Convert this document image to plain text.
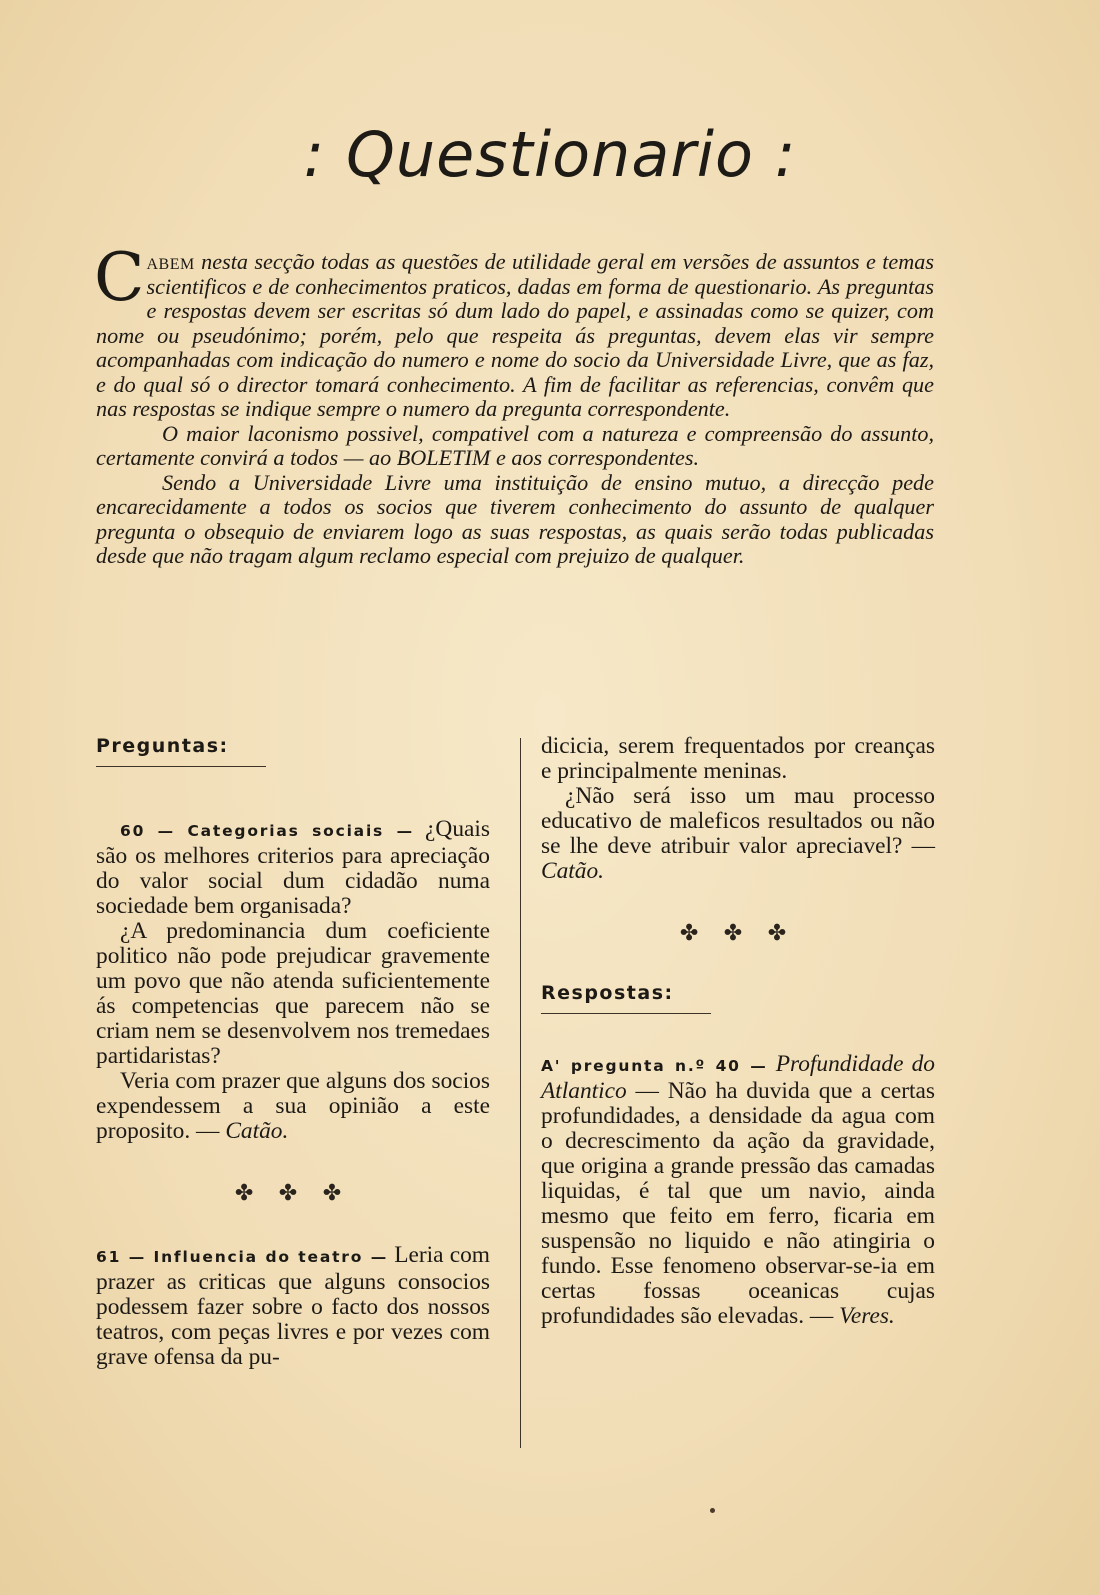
: Questionario :

Cabem nesta secção todas as questões de utilidade geral em versões de assuntos e temas scientificos e de conhecimentos praticos, dadas em forma de questionario. As preguntas e respostas devem ser escritas só dum lado do papel, e assinadas como se quizer, com nome ou pseudónimo; porém, pelo que respeita ás preguntas, devem elas vir sempre acompanhadas com indicação do numero e nome do socio da Universidade Livre, que as faz, e do qual só o director tomará conhecimento. A fim de facilitar as referencias, convêm que nas respostas se indique sempre o numero da pregunta correspondente.

O maior laconismo possivel, compativel com a natureza e compreensão do assunto, certamente convirá a todos — ao BOLETIM e aos correspondentes.

Sendo a Universidade Livre uma instituição de ensino mutuo, a direcção pede encarecidamente a todos os socios que tiverem conhecimento do assunto de qualquer pregunta o obsequio de enviarem logo as suas respostas, as quais serão todas publicadas desde que não tragam algum reclamo especial com prejuizo de qualquer.

Preguntas:

60 — Categorias sociais — ¿Quais são os melhores criterios para apreciação do valor social dum cidadão numa sociedade bem organisada?

¿A predominancia dum coeficiente politico não pode prejudicar gravemente um povo que não atenda suficientemente ás competencias que parecem não se criam nem se desenvolvem nos tremedaes partidaristas?

Veria com prazer que alguns dos socios expendessem a sua opinião a este proposito. — Catão.

✤ ✤ ✤

61 — Influencia do teatro — Leria com prazer as criticas que alguns consocios podessem fazer sobre o facto dos nossos teatros, com peças livres e por vezes com grave ofensa da pu-

dicicia, serem frequentados por creanças e principalmente meninas.

¿Não será isso um mau processo educativo de maleficos resultados ou não se lhe deve atribuir valor apreciavel? — Catão.

✤ ✤ ✤
Respostas:

A' pregunta n.º 40 — Profundidade do Atlantico — Não ha duvida que a certas profundidades, a densidade da agua com o decrescimento da ação da gravidade, que origina a grande pressão das camadas liquidas, é tal que um navio, ainda mesmo que feito em ferro, ficaria em suspensão no liquido e não atingiria o fundo. Esse fenomeno observar-se-ia em certas fossas oceanicas cujas profundidades são elevadas. — Veres.
